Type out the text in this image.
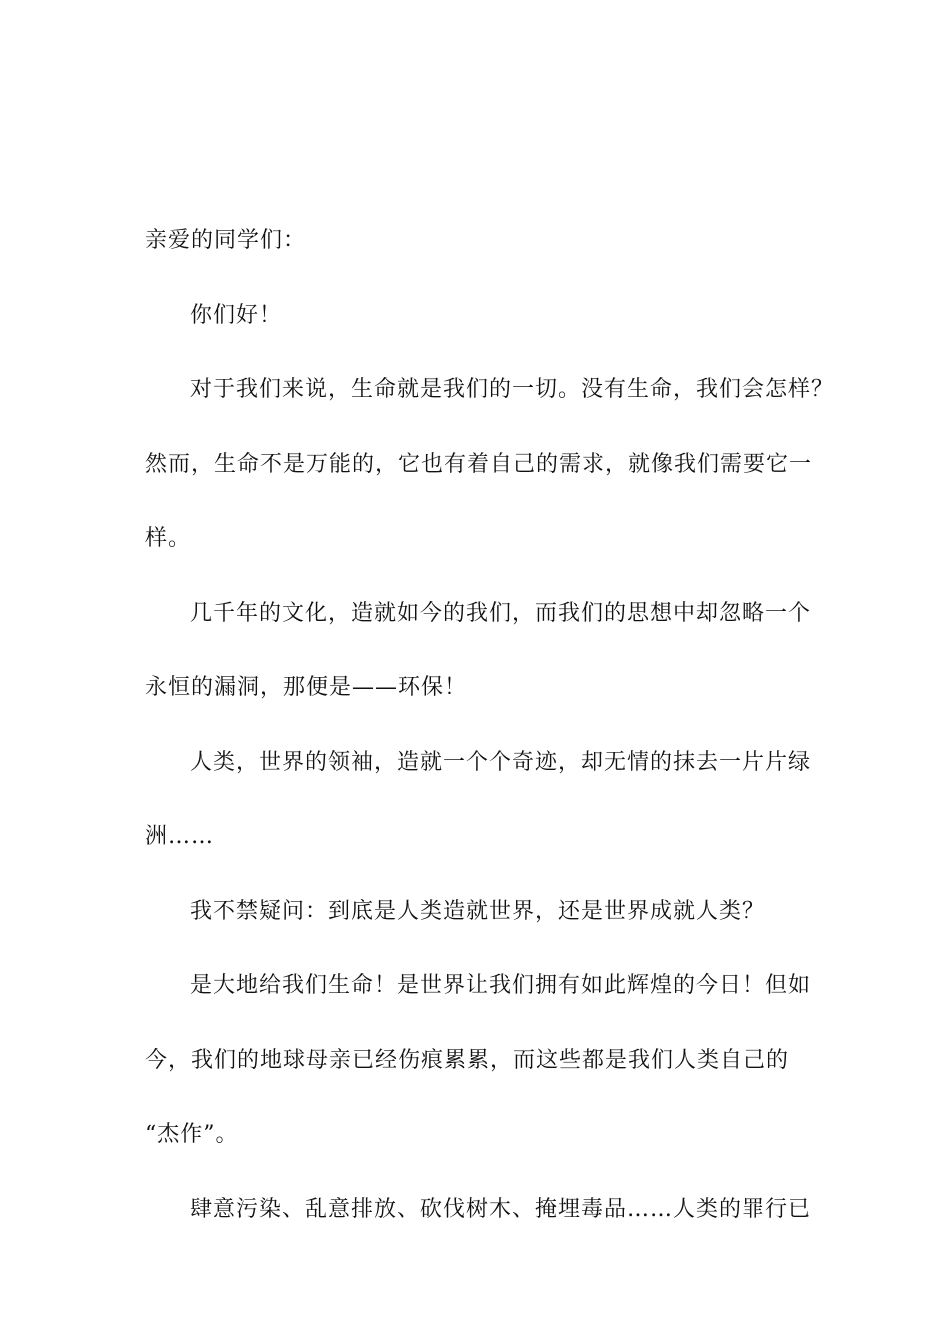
亲爱的同学们：
你们好！
对于我们来说，生命就是我们的一切。没有生命，我们会怎样？
然而，生命不是万能的，它也有着自己的需求，就像我们需要它一
样。
几千年的文化，造就如今的我们，而我们的思想中却忽略一个
永恒的漏洞，那便是——环保！
人类，世界的领袖，造就一个个奇迹，却无情的抹去一片片绿
洲……
我不禁疑问：到底是人类造就世界，还是世界成就人类？
是大地给我们生命！是世界让我们拥有如此辉煌的今日！但如
今，我们的地球母亲已经伤痕累累，而这些都是我们人类自己的
“杰作”。
肆意污染、乱意排放、砍伐树木、掩埋毒品……人类的罪行已
